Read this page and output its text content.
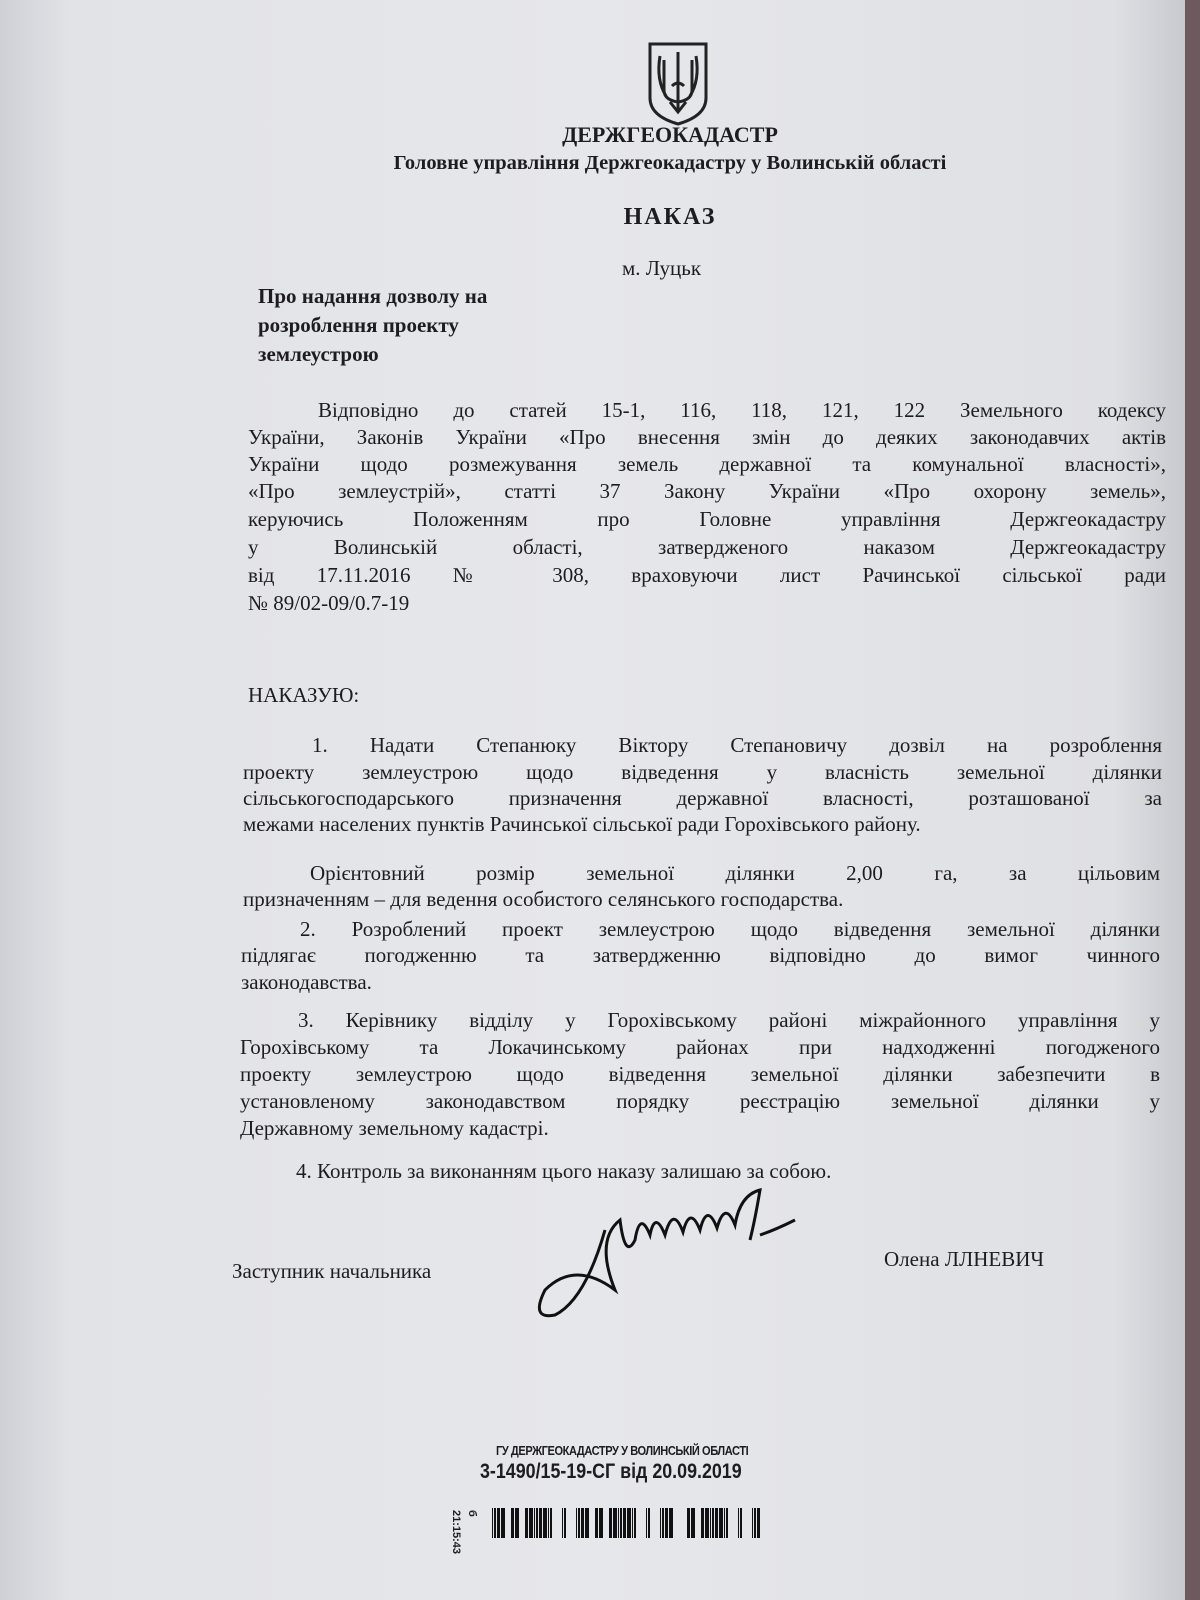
ДЕРЖГЕОКАДАСТР
Головне управління Держгеокадастру у Волинській області
НАКАЗ
м. Луцьк
Про надання дозволу на
розроблення проекту
землеустрою
Відповідно до статей 15-1, 116, 118, 121, 122 Земельного кодексу
України, Законів України «Про внесення змін до деяких законодавчих актів
України щодо розмежування земель державної та комунальної власності»,
«Про землеустрій», статті 37 Закону України «Про охорону земель»,
керуючись Положенням про Головне управління Держгеокадастру
у Волинській області, затвердженого наказом Держгеокадастру
від 17.11.2016 № 308, враховуючи лист Рачинської сільської ради
№ 89/02-09/0.7-19
НАКАЗУЮ:
1. Надати Степанюку Віктору Степановичу дозвіл на розроблення
проекту землеустрою щодо відведення у власність земельної ділянки
сільськогосподарського призначення державної власності, розташованої за
межами населених пунктів Рачинської сільської ради Горохівського району.
Орієнтовний розмір земельної ділянки 2,00 га, за цільовим
призначенням – для ведення особистого селянського господарства.
2. Розроблений проект землеустрою щодо відведення земельної ділянки
підлягає погодженню та затвердженню відповідно до вимог чинного
законодавства.
3. Керівнику відділу у Горохівському районі міжрайонного управління у
Горохівському та Локачинському районах при надходженні погодженого
проекту землеустрою щодо відведення земельної ділянки забезпечити в
установленому законодавством порядку реєстрацію земельної ділянки у
Державному земельному кадастрі.
4. Контроль за виконанням цього наказу залишаю за собою.
Заступник начальника	Олена ЛЛНЕВИЧ
ГУ ДЕРЖГЕОКАДАСТРУ У ВОЛИНСЬКІЙ ОБЛАСТІ
3-1490/15-19-СГ від 20.09.2019
б
21:15:43
